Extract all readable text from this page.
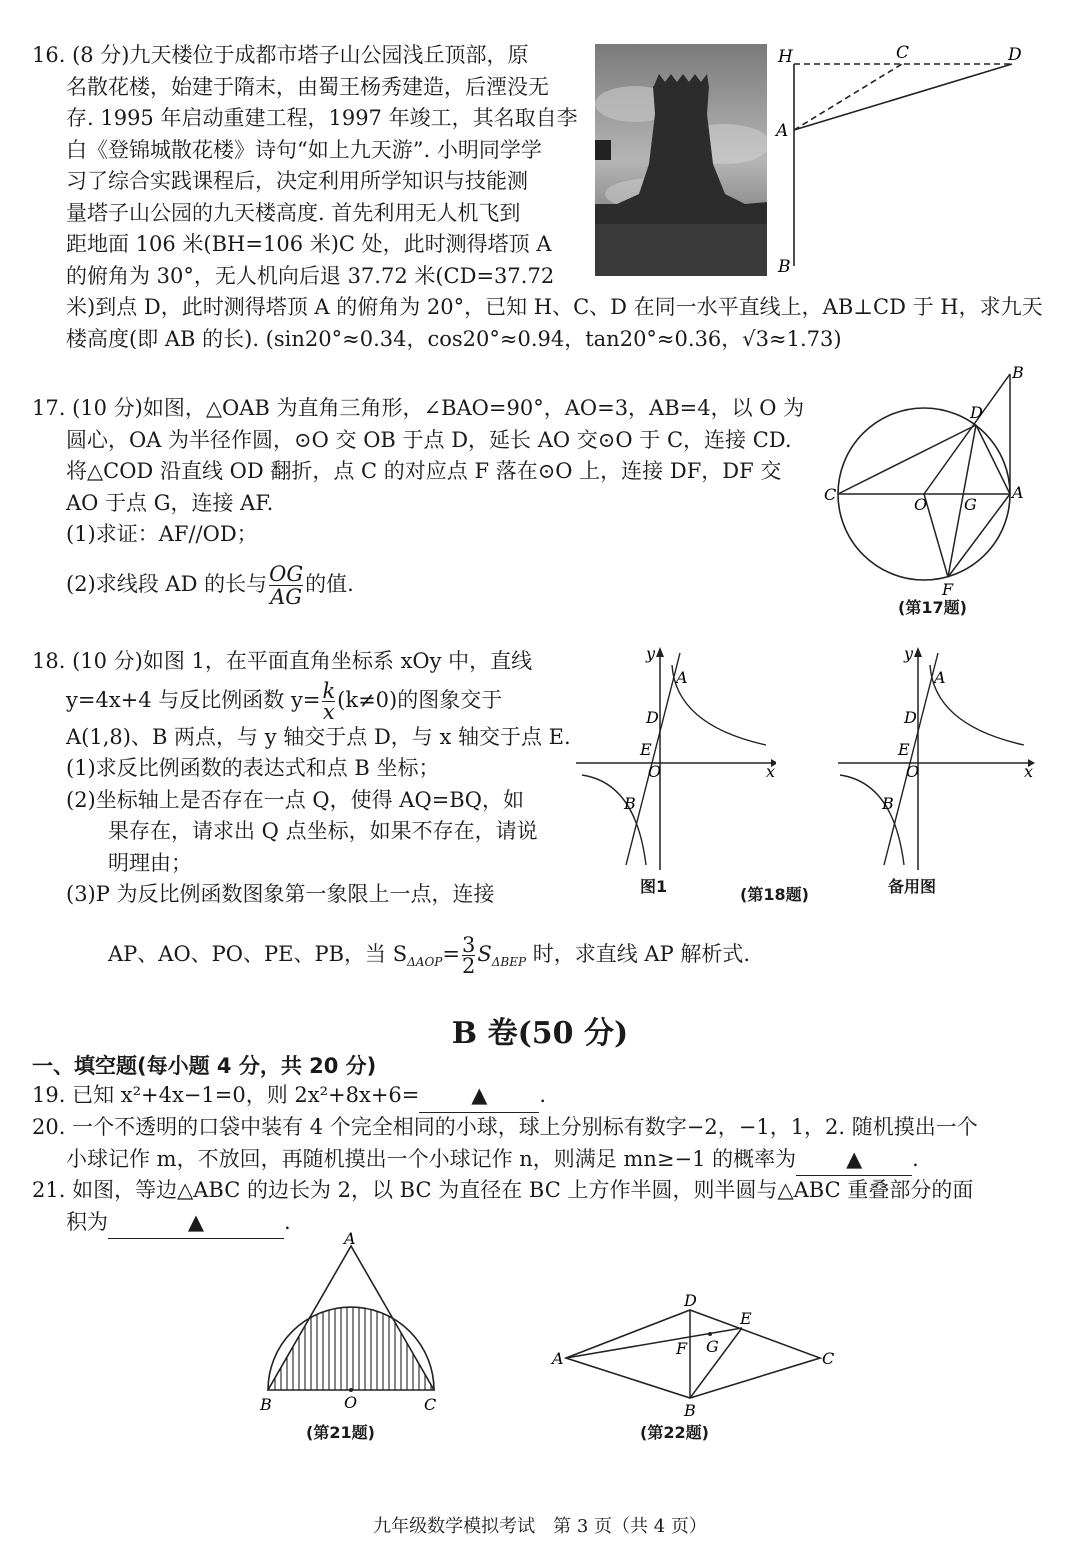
16. (8 分)九天楼位于成都市塔子山公园浅丘顶部，原

名散花楼，始建于隋末，由蜀王杨秀建造，后湮没无

存. 1995 年启动重建工程，1997 年竣工，其名取自李

白《登锦城散花楼》诗句“如上九天游”. 小明同学学

习了综合实践课程后，决定利用所学知识与技能测

量塔子山公园的九天楼高度. 首先利用无人机飞到

距地面 106 米(BH=106 米)C 处，此时测得塔顶 A

的俯角为 30°，无人机向后退 37.72 米(CD=37.72

米)到点 D，此时测得塔顶 A 的俯角为 20°，已知 H、C、D 在同一水平直线上，AB⊥CD 于 H，求九天

楼高度(即 AB 的长). (sin20°≈0.34，cos20°≈0.94，tan20°≈0.36，√3≈1.73)

H	C	D
A
B

17. (10 分)如图，△OAB 为直角三角形，∠BAO=90°，AO=3，AB=4，以 O 为

圆心，OA 为半径作圆，⊙O 交 OB 于点 D，延长 AO 交⊙O 于 C，连接 CD.

将△COD 沿直线 OD 翻折，点 C 的对应点 F 落在⊙O 上，连接 DF，DF 交

AO 于点 G，连接 AF.

(1)求证：AF//OD；

(2)求线段 AD 的长与 $\frac{OG}{AG}$ 的值.

B
D
C
O G
A
F
(第17题)

18. (10 分)如图 1，在平面直角坐标系 xOy 中，直线

y=4x+4 与反比例函数 $y= \frac{k}{x} (k\ne 0)$的图象交于

A(1,8)、B 两点，与 y 轴交于点 D，与 x 轴交于点 E.

(1)求反比例函数的表达式和点 B 坐标；

(2)坐标轴上是否存在一点 Q，使得 AQ=BQ，如

果存在，请求出 Q 点坐标，如果不存在，请说

明理由；

(3)P 为反比例函数图象第一象限上一点，连接

AP、AO、PO、PE、PB，当 $S_{\Delta AOP}= \frac{3}{2} S_{\Delta BEP}$ 时，求直线 AP 解析式.
y
A
D
E
O
B
x
y
A
D
E
O
B
x
图1	(第18题)	备用图
B 卷(50 分)
一、填空题(每小题 4 分，共 20 分)
19. 已知 x²+4x−1=0，则 2x²+8x+6= ▲ .

20. 一个不透明的口袋中装有 4 个完全相同的小球，球上分别标有数字−2，−1，1，2. 随机摸出一个

小球记作 m，不放回，再随机摸出一个小球记作 n，则满足 mn≥−1 的概率为 ▲ .

21. 如图，等边△ABC 的边长为 2，以 BC 为直径在 BC 上方作半圆，则半圆与△ABC 重叠部分的面

积为	▲	.

A
B	O	C
(第21题)
D
E
A
F G
C
B
(第22题)
九年级数学模拟考试　第 3 页（共 4 页）
